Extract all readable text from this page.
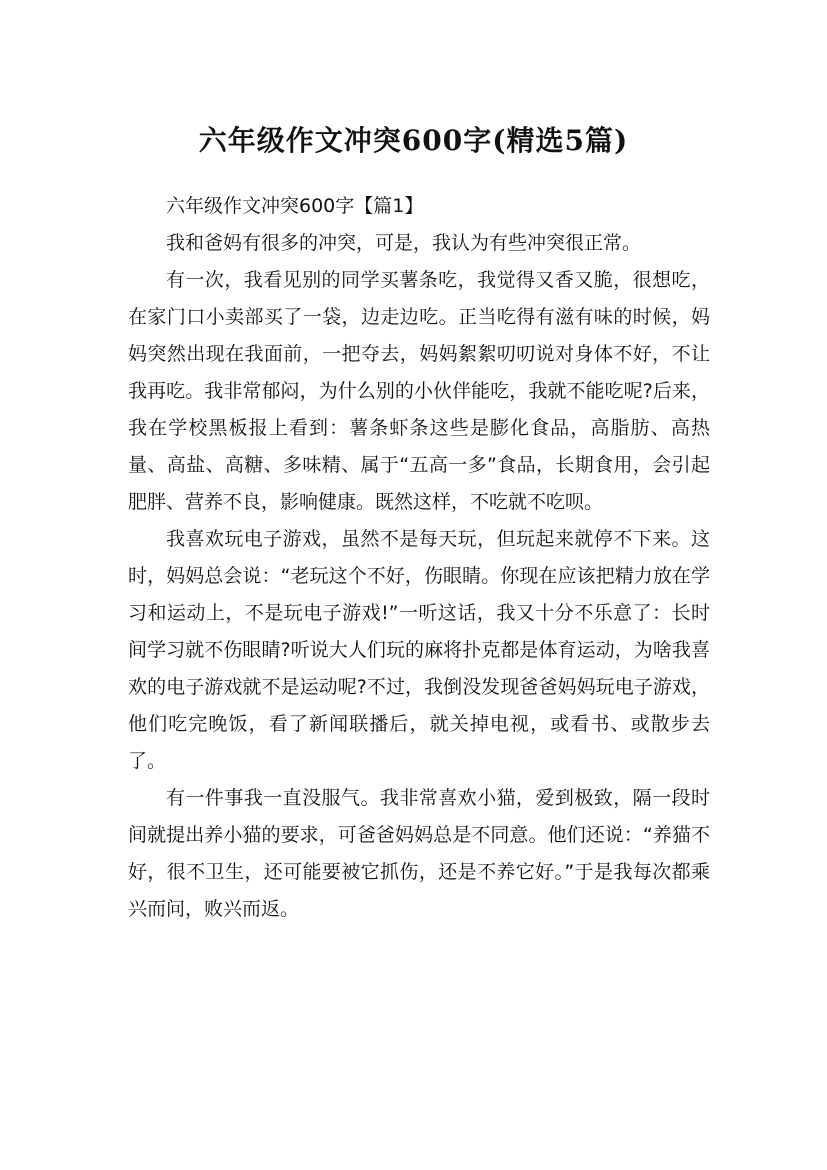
六年级作文冲突600字(精选5篇)

六年级作文冲突600字【篇1】

我和爸妈有很多的冲突，可是，我认为有些冲突很正常。

有一次，我看见别的同学买薯条吃，我觉得又香又脆，很想吃，在家门口小卖部买了一袋，边走边吃。正当吃得有滋有味的时候，妈妈突然出现在我面前，一把夺去，妈妈絮絮叨叨说对身体不好，不让我再吃。我非常郁闷，为什么别的小伙伴能吃，我就不能吃呢?后来，我在学校黑板报上看到：薯条虾条这些是膨化食品，高脂肪、高热量、高盐、高糖、多味精、属于“五高一多”食品，长期食用，会引起肥胖、营养不良，影响健康。既然这样，不吃就不吃呗。

我喜欢玩电子游戏，虽然不是每天玩，但玩起来就停不下来。这时，妈妈总会说：“老玩这个不好，伤眼睛。你现在应该把精力放在学习和运动上，不是玩电子游戏!”一听这话，我又十分不乐意了：长时间学习就不伤眼睛?听说大人们玩的麻将扑克都是体育运动，为啥我喜欢的电子游戏就不是运动呢?不过，我倒没发现爸爸妈妈玩电子游戏，他们吃完晚饭，看了新闻联播后，就关掉电视，或看书、或散步去了。

有一件事我一直没服气。我非常喜欢小猫，爱到极致，隔一段时间就提出养小猫的要求，可爸爸妈妈总是不同意。他们还说：“养猫不好，很不卫生，还可能要被它抓伤，还是不养它好。”于是我每次都乘兴而问，败兴而返。
